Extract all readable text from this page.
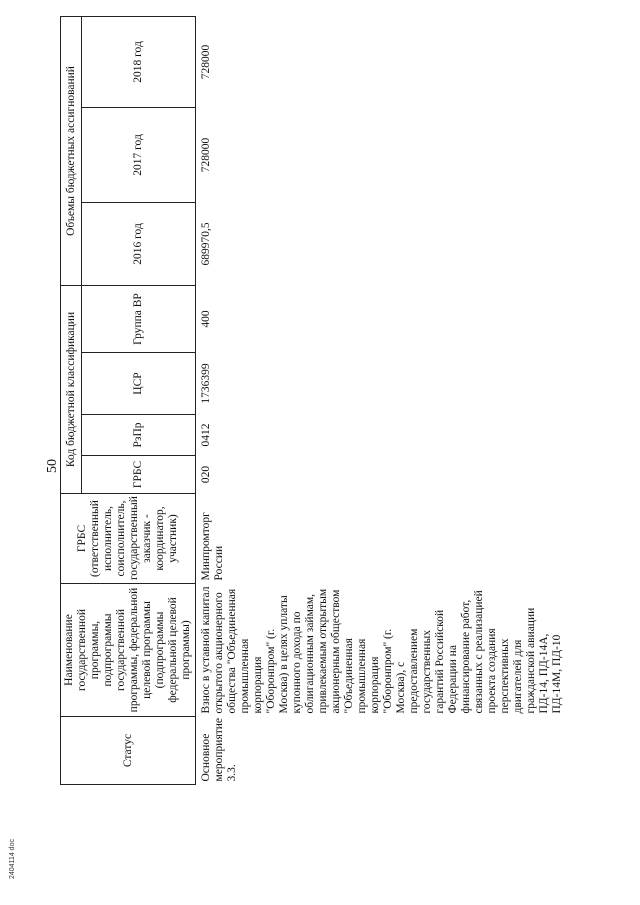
50
Статус	Наименование государственной программы, подпрограммы государственной программы, федеральной целевой программы (подпрограммы федеральной целевой программы)	ГРБС (ответственный исполнитель, соисполнитель, государственный заказчик - координатор, участник)	Код бюджетной классификации				Объемы бюджетных ассигнований		
			ГРБС	РзПр	ЦСР	Группа ВР	2016 год	2017 год	2018 год
Основное мероприятие 3.3.	Взнос в уставной капитал открытого акционерного общества "Объединенная промышленная корпорация "Оборонпром" (г. Москва) в целях уплаты купонного дохода по облигационным займам, привлекаемым открытым акционерным обществом "Объединенная промышленная корпорация "Оборонпром" (г. Москва), с предоставлением государственных гарантий Российской Федерации на финансирование работ, связанных с реализацией проекта создания перспективных двигателей для гражданской авиации ПД-14, ПД-14А, ПД-14М, ПД-10	Минпромторг России	020	0412	1736399	400	689970,5	728000	728000
2404114 doc
